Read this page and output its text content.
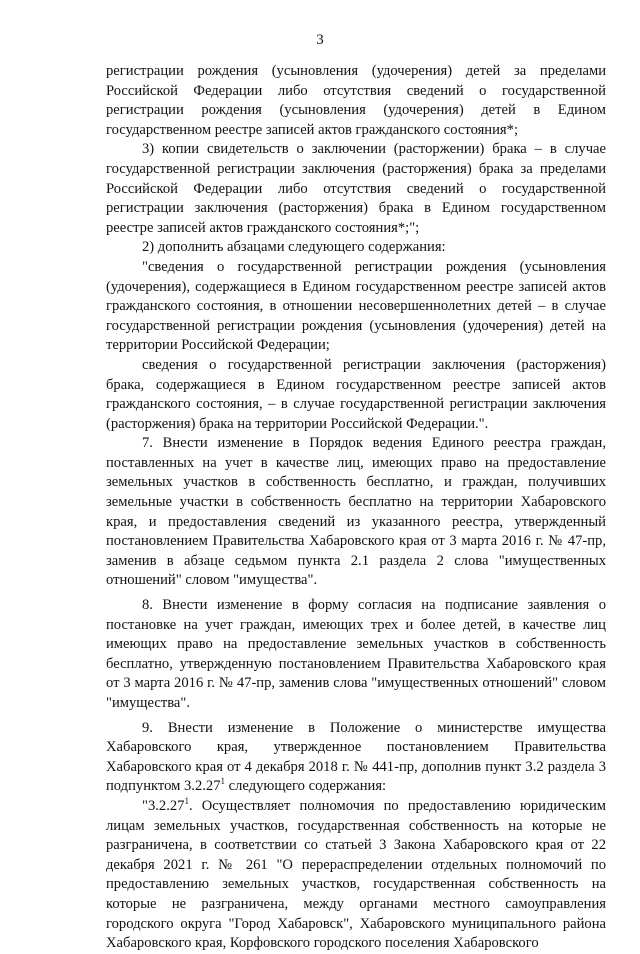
3

регистрации рождения (усыновления (удочерения) детей за пределами Российской Федерации либо отсутствия сведений о государственной регистрации рождения (усыновления (удочерения) детей в Едином государственном реестре записей актов гражданского состояния*;

3) копии свидетельств о заключении (расторжении) брака – в случае государственной регистрации заключения (расторжения) брака за пределами Российской Федерации либо отсутствия сведений о государственной регистрации заключения (расторжения) брака в Едином государственном реестре записей актов гражданского состояния*;";

2) дополнить абзацами следующего содержания:

"сведения о государственной регистрации рождения (усыновления (удочерения), содержащиеся в Едином государственном реестре записей актов гражданского состояния, в отношении несовершеннолетних детей – в случае государственной регистрации рождения (усыновления (удочерения) детей на территории Российской Федерации;

сведения о государственной регистрации заключения (расторжения) брака, содержащиеся в Едином государственном реестре записей актов гражданского состояния, – в случае государственной регистрации заключения (расторжения) брака на территории Российской Федерации.".

7. Внести изменение в Порядок ведения Единого реестра граждан, поставленных на учет в качестве лиц, имеющих право на предоставление земельных участков в собственность бесплатно, и граждан, получивших земельные участки в собственность бесплатно на территории Хабаровского края, и предоставления сведений из указанного реестра, утвержденный постановлением Правительства Хабаровского края от 3 марта 2016 г. № 47-пр, заменив в абзаце седьмом пункта 2.1 раздела 2 слова "имущественных отношений" словом "имущества".

8. Внести изменение в форму согласия на подписание заявления о постановке на учет граждан, имеющих трех и более детей, в качестве лиц имеющих право на предоставление земельных участков в собственность бесплатно, утвержденную постановлением Правительства Хабаровского края от 3 марта 2016 г. № 47-пр, заменив слова "имущественных отношений" словом "имущества".

9. Внести изменение в Положение о министерстве имущества Хабаровского края, утвержденное постановлением Правительства Хабаровского края от 4 декабря 2018 г. № 441-пр, дополнив пункт 3.2 раздела 3 подпунктом 3.2.27$^1$ следующего содержания:

"3.2.27$^1$. Осуществляет полномочия по предоставлению юридическим лицам земельных участков, государственная собственность на которые не разграничена, в соответствии со статьей 3 Закона Хабаровского края от 22 декабря 2021 г. № 261 "О перераспределении отдельных полномочий по предоставлению земельных участков, государственная собственность на которые не разграничена, между органами местного самоуправления городского округа "Город Хабаровск", Хабаровского муниципального района Хабаровского края, Корфовского городского поселения Хабаровского
